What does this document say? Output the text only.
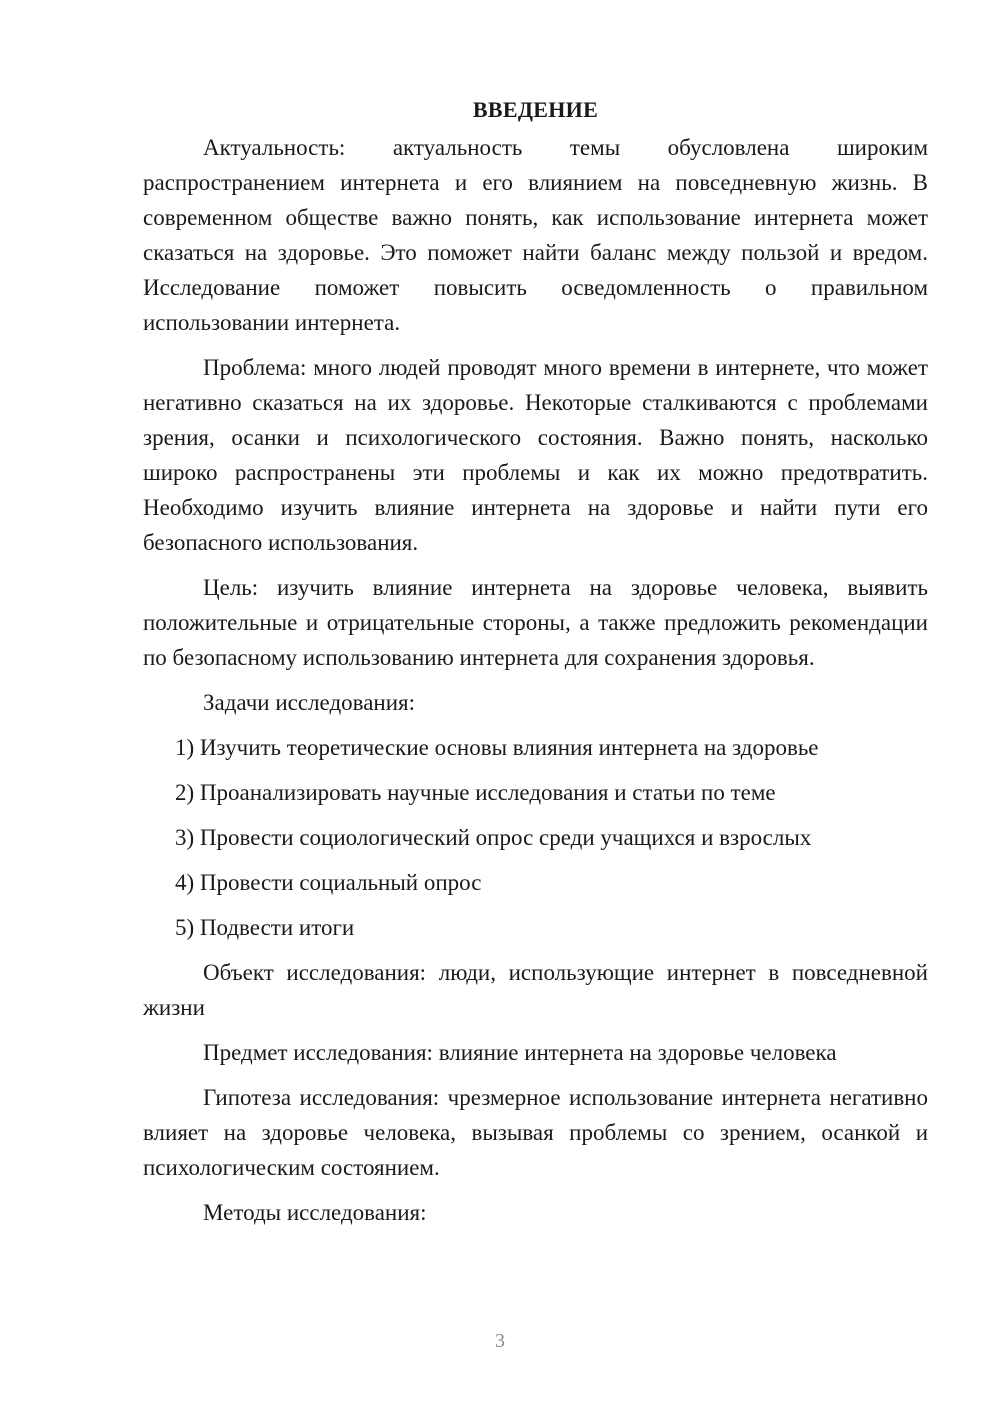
ВВЕДЕНИЕ

Актуальность: актуальность темы обусловлена широким распространением интернета и его влиянием на повседневную жизнь. В современном обществе важно понять, как использование интернета может сказаться на здоровье. Это поможет найти баланс между пользой и вредом. Исследование поможет повысить осведомленность о правильном использовании интернета.

Проблема: много людей проводят много времени в интернете, что может негативно сказаться на их здоровье. Некоторые сталкиваются с проблемами зрения, осанки и психологического состояния. Важно понять, насколько широко распространены эти проблемы и как их можно предотвратить. Необходимо изучить влияние интернета на здоровье и найти пути его безопасного использования.

Цель: изучить влияние интернета на здоровье человека, выявить положительные и отрицательные стороны, а также предложить рекомендации по безопасному использованию интернета для сохранения здоровья.

Задачи исследования:

1) Изучить теоретические основы влияния интернета на здоровье
2) Проанализировать научные исследования и статьи по теме
3) Провести социологический опрос среди учащихся и взрослых
4) Провести социальный опрос
5) Подвести итоги

Объект исследования: люди, использующие интернет в повседневной жизни

Предмет исследования: влияние интернета на здоровье человека

Гипотеза исследования: чрезмерное использование интернета негативно влияет на здоровье человека, вызывая проблемы со зрением, осанкой и психологическим состоянием.

Методы исследования:

3
